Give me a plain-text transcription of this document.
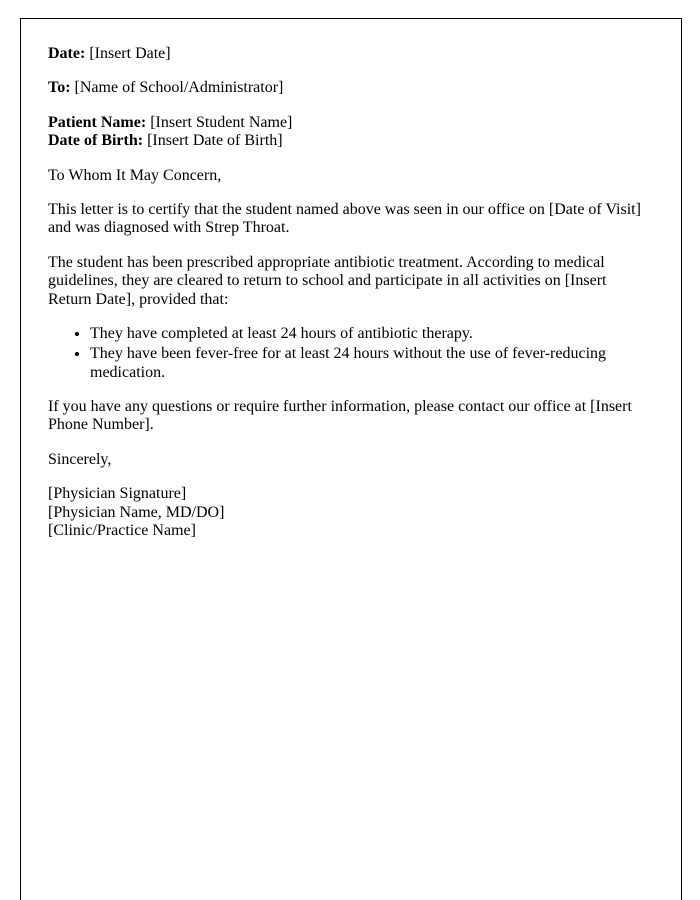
Date: [Insert Date]

To: [Name of School/Administrator]

Patient Name: [Insert Student Name]
Date of Birth: [Insert Date of Birth]

To Whom It May Concern,

This letter is to certify that the student named above was seen in our office on [Date of Visit] and was diagnosed with Strep Throat.

The student has been prescribed appropriate antibiotic treatment. According to medical guidelines, they are cleared to return to school and participate in all activities on [Insert Return Date], provided that:

• They have completed at least 24 hours of antibiotic therapy.
• They have been fever-free for at least 24 hours without the use of fever-reducing medication.

If you have any questions or require further information, please contact our office at [Insert Phone Number].

Sincerely,

[Physician Signature]
[Physician Name, MD/DO]
[Clinic/Practice Name]
